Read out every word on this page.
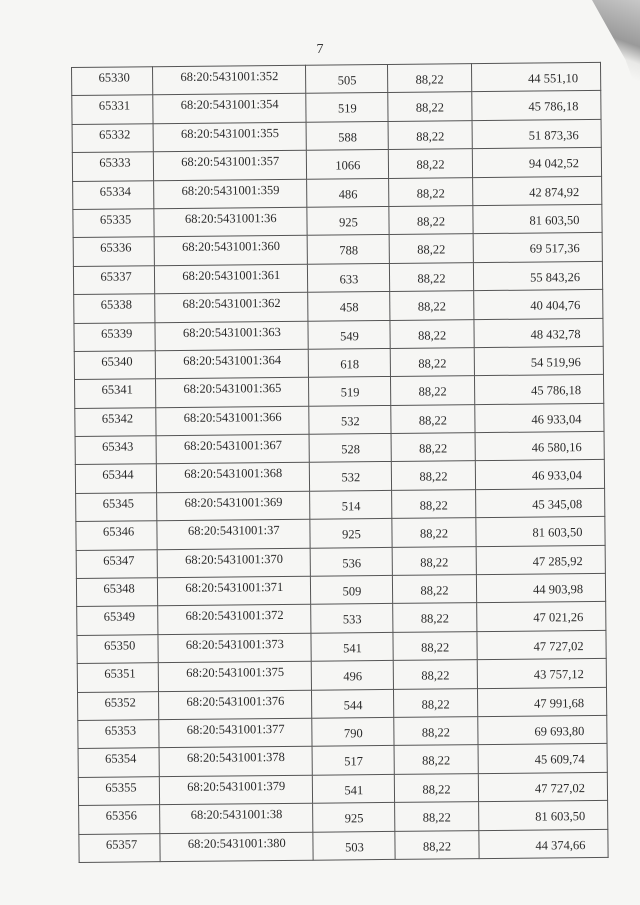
7
65330	68:20:5431001:352	505	88,22	44 551,10
65331	68:20:5431001:354	519	88,22	45 786,18
65332	68:20:5431001:355	588	88,22	51 873,36
65333	68:20:5431001:357	1066	88,22	94 042,52
65334	68:20:5431001:359	486	88,22	42 874,92
65335	68:20:5431001:36	925	88,22	81 603,50
65336	68:20:5431001:360	788	88,22	69 517,36
65337	68:20:5431001:361	633	88,22	55 843,26
65338	68:20:5431001:362	458	88,22	40 404,76
65339	68:20:5431001:363	549	88,22	48 432,78
65340	68:20:5431001:364	618	88,22	54 519,96
65341	68:20:5431001:365	519	88,22	45 786,18
65342	68:20:5431001:366	532	88,22	46 933,04
65343	68:20:5431001:367	528	88,22	46 580,16
65344	68:20:5431001:368	532	88,22	46 933,04
65345	68:20:5431001:369	514	88,22	45 345,08
65346	68:20:5431001:37	925	88,22	81 603,50
65347	68:20:5431001:370	536	88,22	47 285,92
65348	68:20:5431001:371	509	88,22	44 903,98
65349	68:20:5431001:372	533	88,22	47 021,26
65350	68:20:5431001:373	541	88,22	47 727,02
65351	68:20:5431001:375	496	88,22	43 757,12
65352	68:20:5431001:376	544	88,22	47 991,68
65353	68:20:5431001:377	790	88,22	69 693,80
65354	68:20:5431001:378	517	88,22	45 609,74
65355	68:20:5431001:379	541	88,22	47 727,02
65356	68:20:5431001:38	925	88,22	81 603,50
65357	68:20:5431001:380	503	88,22	44 374,66
